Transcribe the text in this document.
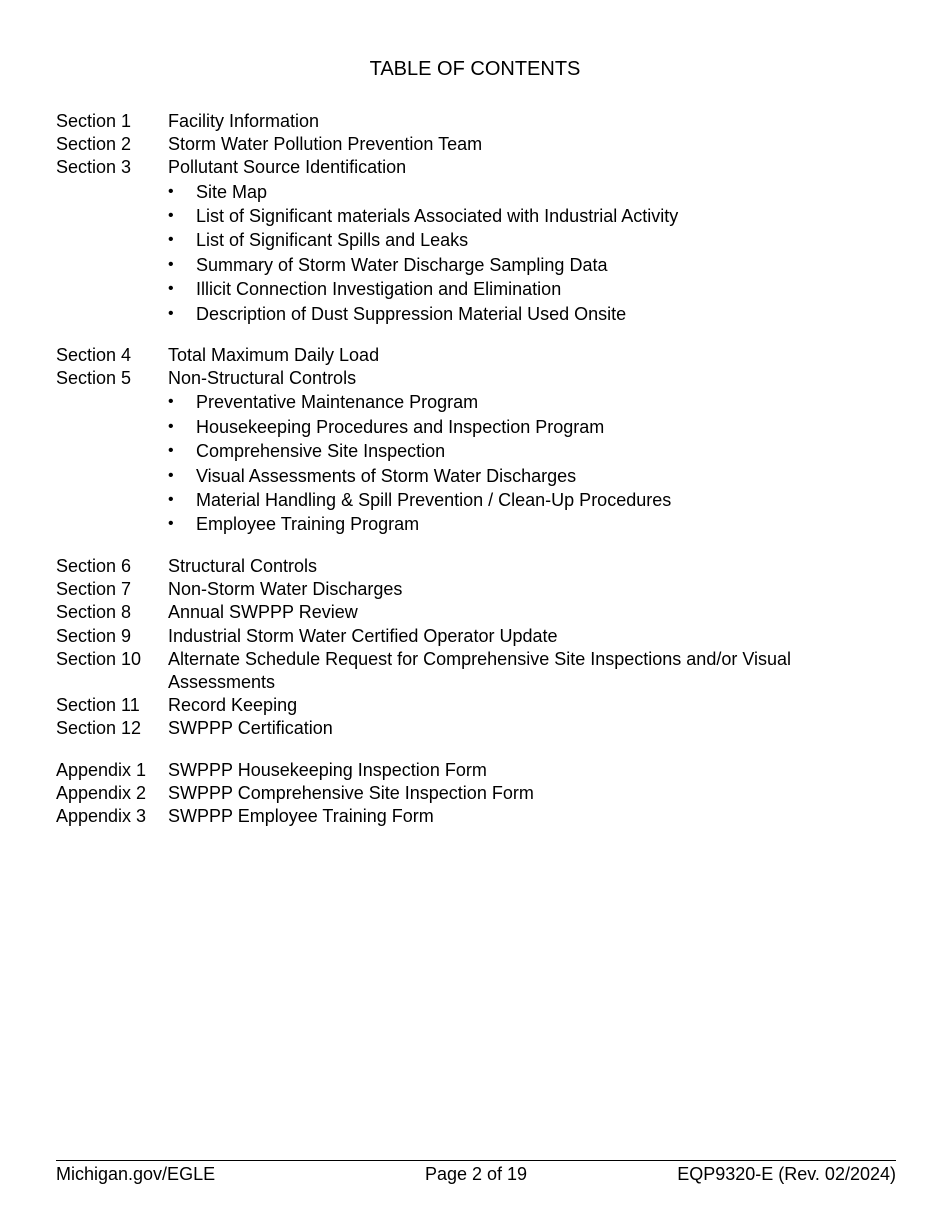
TABLE OF CONTENTS
Section 1	Facility Information
Section 2	Storm Water Pollution Prevention Team
Section 3	Pollutant Source Identification
•	Site Map
•	List of Significant materials Associated with Industrial Activity
•	List of Significant Spills and Leaks
•	Summary of Storm Water Discharge Sampling Data
•	Illicit Connection Investigation and Elimination
•	Description of Dust Suppression Material Used Onsite
Section 4	Total Maximum Daily Load
Section 5	Non-Structural Controls
•	Preventative Maintenance Program
•	Housekeeping Procedures and Inspection Program
•	Comprehensive Site Inspection
•	Visual Assessments of Storm Water Discharges
•	Material Handling & Spill Prevention / Clean-Up Procedures
•	Employee Training Program
Section 6	Structural Controls
Section 7	Non-Storm Water Discharges
Section 8	Annual SWPPP Review
Section 9	Industrial Storm Water Certified Operator Update
Section 10	Alternate Schedule Request for Comprehensive Site Inspections and/or Visual Assessments
Section 11	Record Keeping
Section 12	SWPPP Certification
Appendix 1	SWPPP Housekeeping Inspection Form
Appendix 2	SWPPP Comprehensive Site Inspection Form
Appendix 3	SWPPP Employee Training Form
Michigan.gov/EGLE	Page 2 of 19	EQP9320-E (Rev. 02/2024)
